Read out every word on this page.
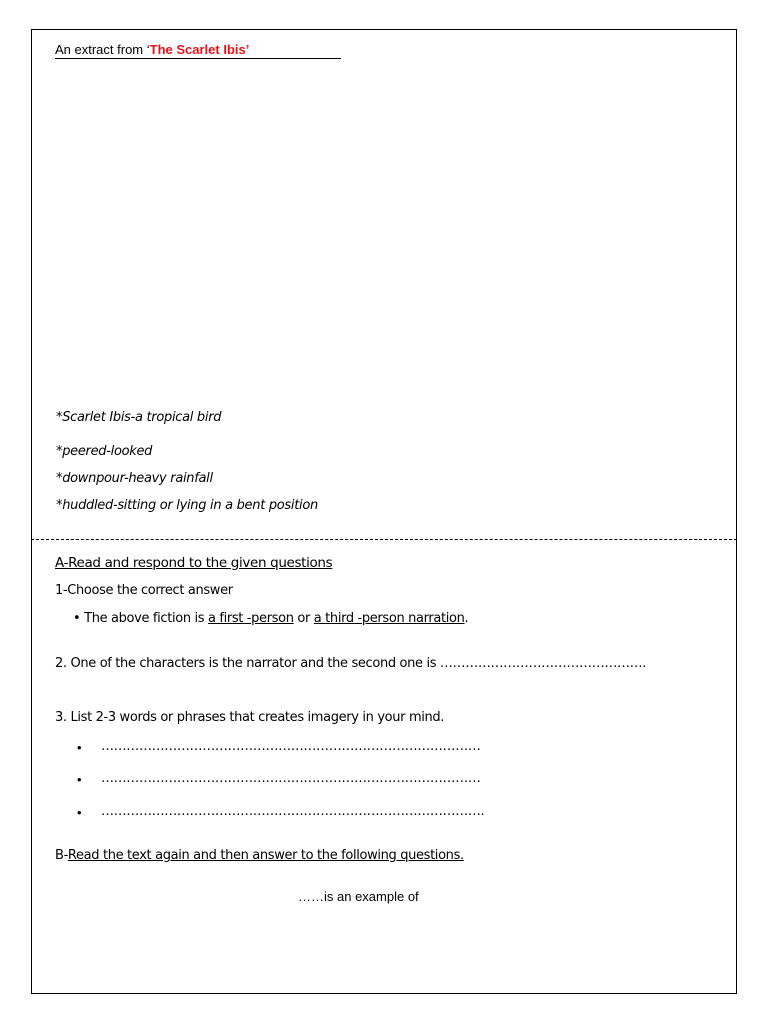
An extract from ‘The Scarlet Ibis’
*Scarlet Ibis-a tropical bird
*peered-looked
*downpour-heavy rainfall
*huddled-sitting or lying in a bent position
A-Read and respond to the given questions
1-Choose the correct answer
• The above fiction is a first -person or a third -person narration.
2. One of the characters is the narrator and the second one is ………………………………………….
3. List 2-3 words or phrases that creates imagery in your mind.
• ………………………………………………………………………………
• ………………………………………………………………………………
• ……………………………………………………………………………….
B-Read the text again and then answer to the following questions.
……is an example of
